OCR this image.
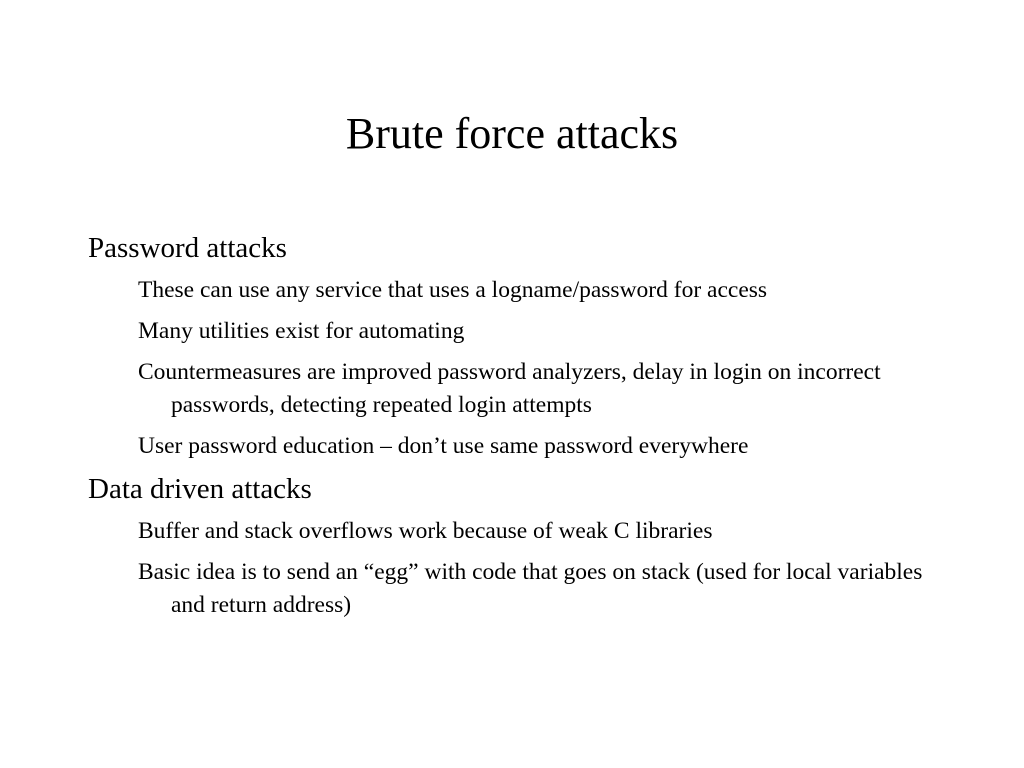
Brute force attacks
Password attacks
These can use any service that uses a logname/password for access
Many utilities exist for automating
Countermeasures are improved password analyzers, delay in login on incorrect passwords, detecting repeated login attempts
User password education – don’t use same password everywhere
Data driven attacks
Buffer and stack overflows work because of weak C libraries
Basic idea is to send an “egg” with code that goes on stack (used for local variables and return address)
